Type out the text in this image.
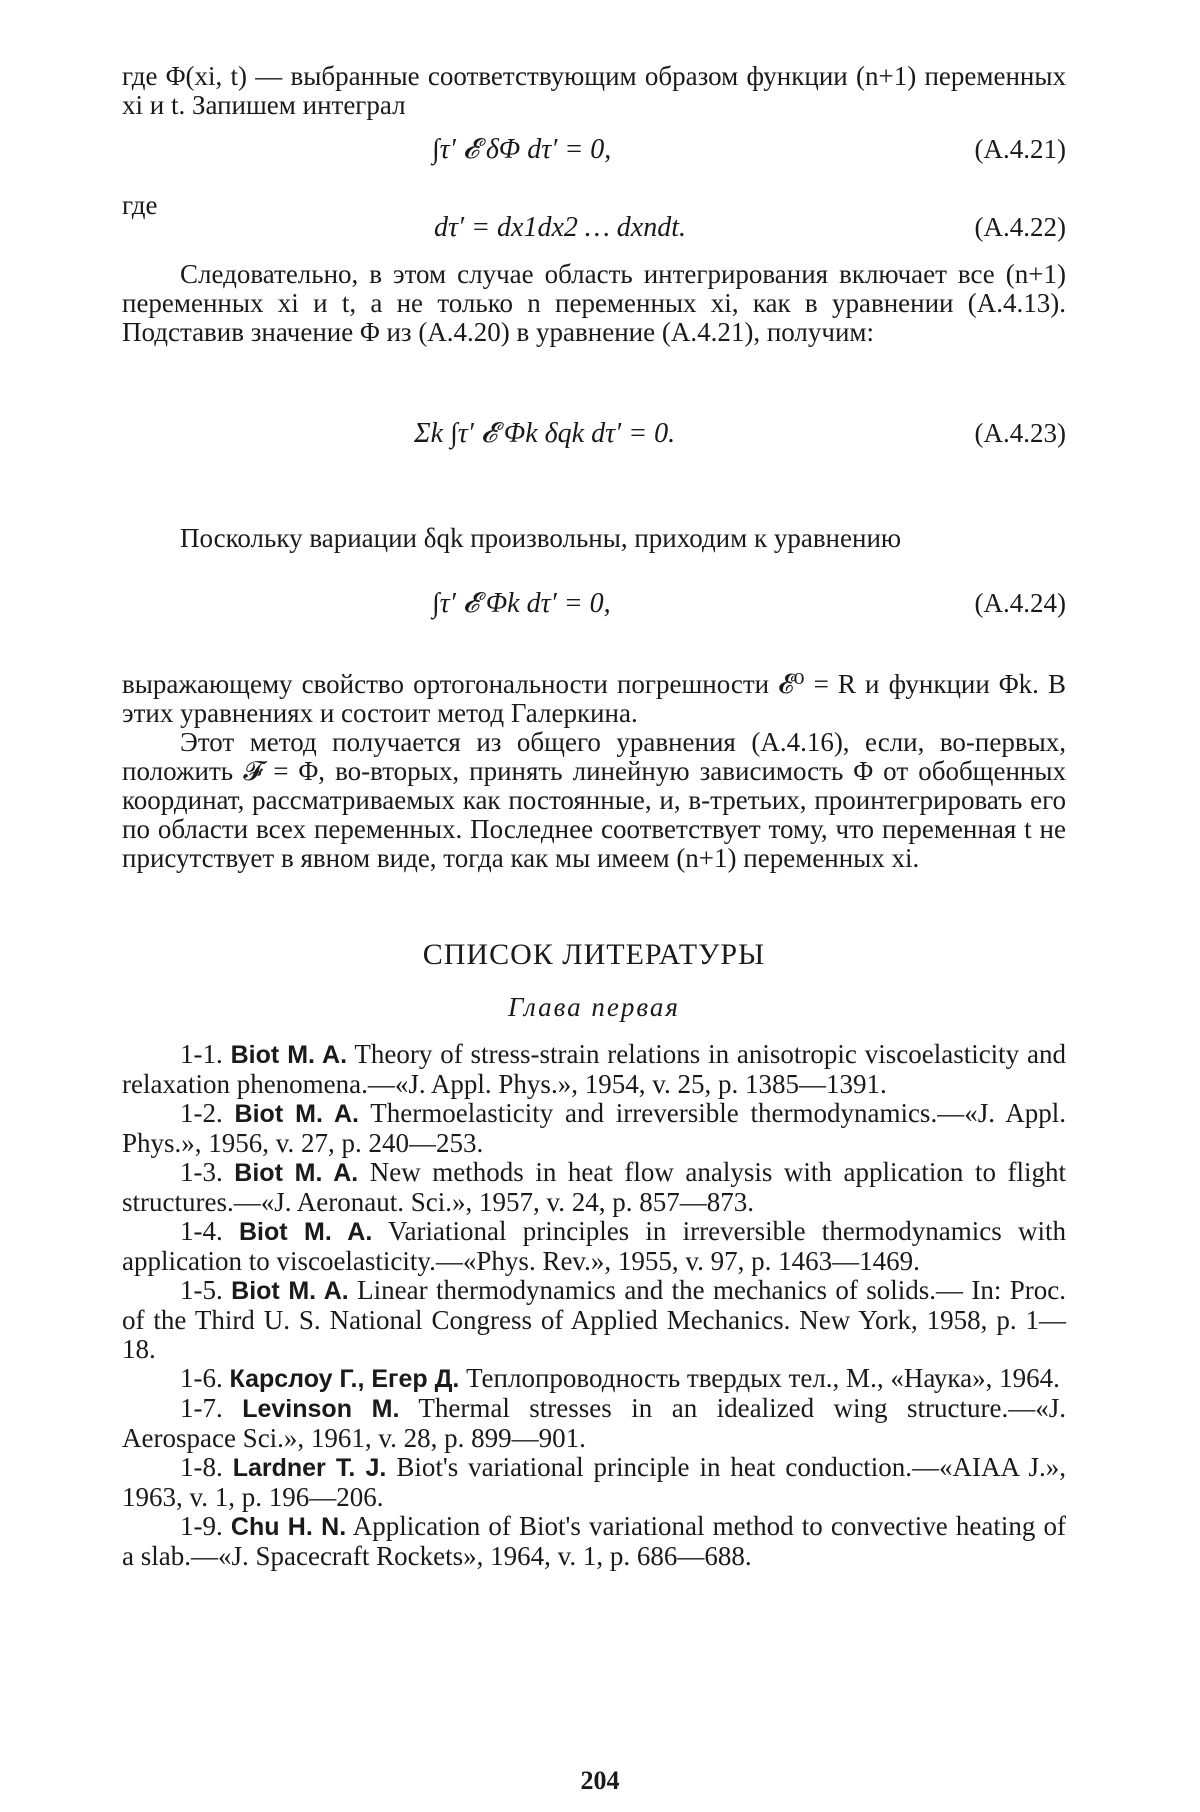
где Φ(xi, t) — выбранные соответствующим образом функции (n+1) переменных xi и t. Запишем интеграл

∫τ′ 𝓔 δΦ dτ′ = 0,	(A.4.21)
где
dτ′ = dx1dx2 … dxndt.	(A.4.22)

Следовательно, в этом случае область интегрирования включает все (n+1) переменных xi и t, а не только n переменных xi, как в уравнении (A.4.13). Подставив значение Φ из (A.4.20) в уравнение (A.4.21), получим:

Σk ∫τ′ 𝓔 Φk δqk dτ′ = 0.	(A.4.23)

Поскольку вариации δqk произвольны, приходим к уравнению

∫τ′ 𝓔 Φk dτ′ = 0,	(A.4.24)

выражающему свойство ортогональности погрешности 𝓔⁰ = R и функции Φk. В этих уравнениях и состоит метод Галеркина.

Этот метод получается из общего уравнения (A.4.16), если, во-первых, положить 𝓕 = Φ, во-вторых, принять линейную зависимость Φ от обобщенных координат, рассматриваемых как постоянные, и, в-третьих, проинтегрировать его по области всех переменных. Последнее соответствует тому, что переменная t не присутствует в явном виде, тогда как мы имеем (n+1) переменных xi.

СПИСОК ЛИТЕРАТУРЫ
Глава первая

1-1. Biot M. A. Theory of stress-strain relations in anisotropic viscoelasticity and relaxation phenomena.—«J. Appl. Phys.», 1954, v. 25, p. 1385—1391.

1-2. Biot M. A. Thermoelasticity and irreversible thermodynamics.—«J. Appl. Phys.», 1956, v. 27, p. 240—253.

1-3. Biot M. A. New methods in heat flow analysis with application to flight structures.—«J. Aeronaut. Sci.», 1957, v. 24, p. 857—873.

1-4. Biot M. A. Variational principles in irreversible thermodynamics with application to viscoelasticity.—«Phys. Rev.», 1955, v. 97, p. 1463—1469.

1-5. Biot M. A. Linear thermodynamics and the mechanics of solids.— In: Proc. of the Third U. S. National Congress of Applied Mechanics. New York, 1958, p. 1—18.

1-6. Карслоу Г., Егер Д. Теплопроводность твердых тел., М., «Наука», 1964.

1-7. Levinson M. Thermal stresses in an idealized wing structure.—«J. Aerospace Sci.», 1961, v. 28, p. 899—901.

1-8. Lardner T. J. Biot's variational principle in heat conduction.—«AIAA J.», 1963, v. 1, p. 196—206.

1-9. Chu H. N. Application of Biot's variational method to convective heating of a slab.—«J. Spacecraft Rockets», 1964, v. 1, p. 686—688.

204
